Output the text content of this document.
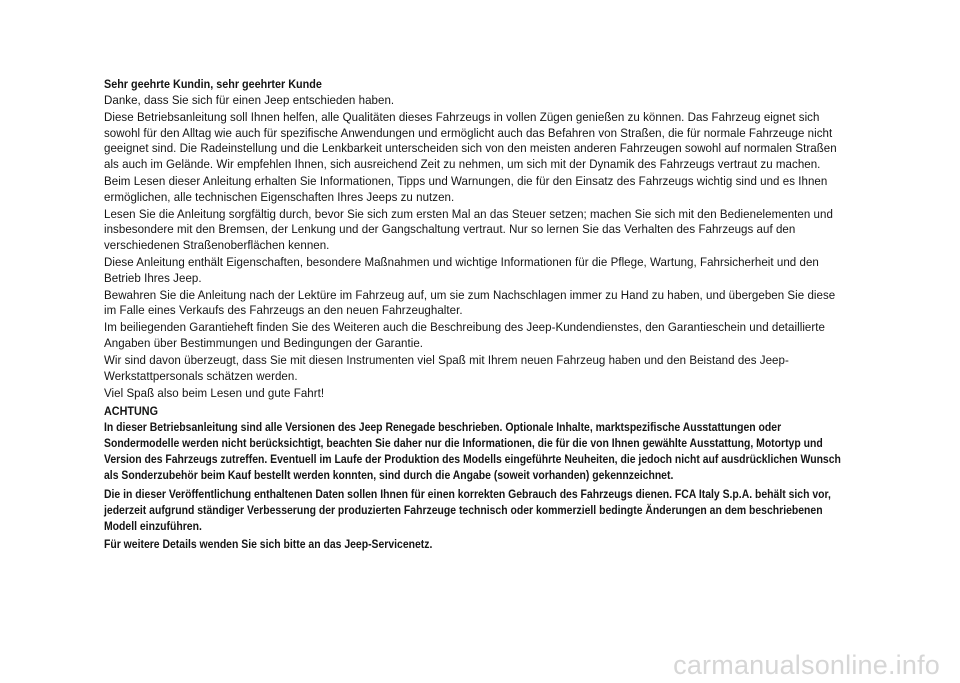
Sehr geehrte Kundin, sehr geehrter Kunde

Danke, dass Sie sich für einen Jeep entschieden haben.

Diese Betriebsanleitung soll Ihnen helfen, alle Qualitäten dieses Fahrzeugs in vollen Zügen genießen zu können. Das Fahrzeug eignet sich sowohl für den Alltag wie auch für spezifische Anwendungen und ermöglicht auch das Befahren von Straßen, die für normale Fahrzeuge nicht geeignet sind. Die Radeinstellung und die Lenkbarkeit unterscheiden sich von den meisten anderen Fahrzeugen sowohl auf normalen Straßen als auch im Gelände. Wir empfehlen Ihnen, sich ausreichend Zeit zu nehmen, um sich mit der Dynamik des Fahrzeugs vertraut zu machen.

Beim Lesen dieser Anleitung erhalten Sie Informationen, Tipps und Warnungen, die für den Einsatz des Fahrzeugs wichtig sind und es Ihnen ermöglichen, alle technischen Eigenschaften Ihres Jeeps zu nutzen.

Lesen Sie die Anleitung sorgfältig durch, bevor Sie sich zum ersten Mal an das Steuer setzen; machen Sie sich mit den Bedienelementen und insbesondere mit den Bremsen, der Lenkung und der Gangschaltung vertraut. Nur so lernen Sie das Verhalten des Fahrzeugs auf den verschiedenen Straßenoberflächen kennen.

Diese Anleitung enthält Eigenschaften, besondere Maßnahmen und wichtige Informationen für die Pflege, Wartung, Fahrsicherheit und den Betrieb Ihres Jeep.

Bewahren Sie die Anleitung nach der Lektüre im Fahrzeug auf, um sie zum Nachschlagen immer zu Hand zu haben, und übergeben Sie diese im Falle eines Verkaufs des Fahrzeugs an den neuen Fahrzeughalter.

Im beiliegenden Garantieheft finden Sie des Weiteren auch die Beschreibung des Jeep-Kundendienstes, den Garantieschein und detaillierte Angaben über Bestimmungen und Bedingungen der Garantie.

Wir sind davon überzeugt, dass Sie mit diesen Instrumenten viel Spaß mit Ihrem neuen Fahrzeug haben und den Beistand des Jeep-Werkstattpersonals schätzen werden.

Viel Spaß also beim Lesen und gute Fahrt!

ACHTUNG

In dieser Betriebsanleitung sind alle Versionen des Jeep Renegade beschrieben. Optionale Inhalte, marktspezifische Ausstattungen oder Sondermodelle werden nicht berücksichtigt, beachten Sie daher nur die Informationen, die für die von Ihnen gewählte Ausstattung, Motortyp und Version des Fahrzeugs zutreffen. Eventuell im Laufe der Produktion des Modells eingeführte Neuheiten, die jedoch nicht auf ausdrücklichen Wunsch als Sonderzubehör beim Kauf bestellt werden konnten, sind durch die Angabe (soweit vorhanden) gekennzeichnet.

Die in dieser Veröffentlichung enthaltenen Daten sollen Ihnen für einen korrekten Gebrauch des Fahrzeugs dienen. FCA Italy S.p.A. behält sich vor, jederzeit aufgrund ständiger Verbesserung der produzierten Fahrzeuge technisch oder kommerziell bedingte Änderungen an dem beschriebenen Modell einzuführen.

Für weitere Details wenden Sie sich bitte an das Jeep-Servicenetz.

carmanualsonline.info
